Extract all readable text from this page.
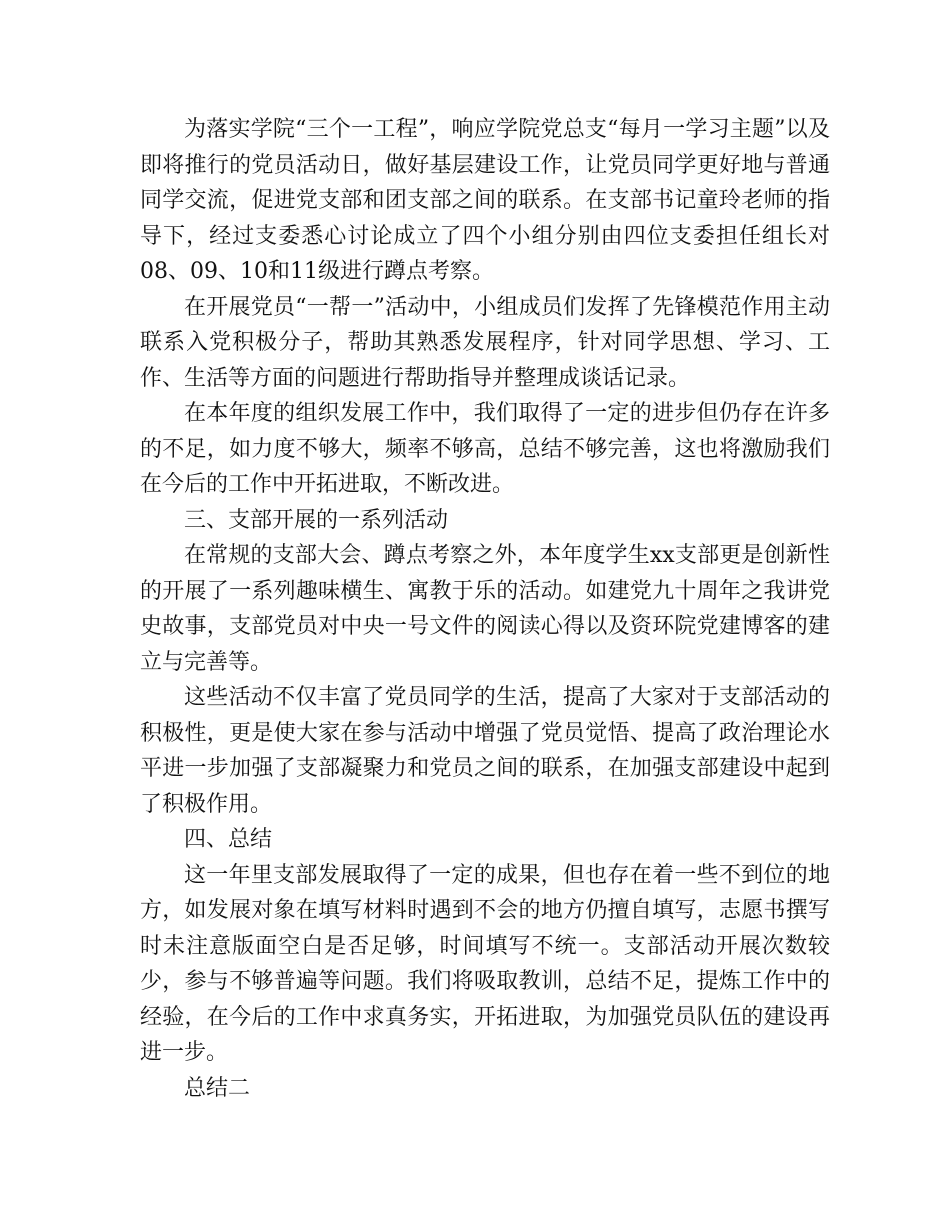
为落实学院“三个一工程”，响应学院党总支“每月一学习主题”以及即将推行的党员活动日，做好基层建设工作，让党员同学更好地与普通同学交流，促进党支部和团支部之间的联系。在支部书记童玲老师的指导下，经过支委悉心讨论成立了四个小组分别由四位支委担任组长对08、09、10和11级进行蹲点考察。

在开展党员“一帮一”活动中，小组成员们发挥了先锋模范作用主动联系入党积极分子，帮助其熟悉发展程序，针对同学思想、学习、工作、生活等方面的问题进行帮助指导并整理成谈话记录。

在本年度的组织发展工作中，我们取得了一定的进步但仍存在许多的不足，如力度不够大，频率不够高，总结不够完善，这也将激励我们在今后的工作中开拓进取，不断改进。

三、支部开展的一系列活动

在常规的支部大会、蹲点考察之外，本年度学生xx支部更是创新性的开展了一系列趣味横生、寓教于乐的活动。如建党九十周年之我讲党史故事，支部党员对中央一号文件的阅读心得以及资环院党建博客的建立与完善等。

这些活动不仅丰富了党员同学的生活，提高了大家对于支部活动的积极性，更是使大家在参与活动中增强了党员觉悟、提高了政治理论水平进一步加强了支部凝聚力和党员之间的联系，在加强支部建设中起到了积极作用。

四、总结

这一年里支部发展取得了一定的成果，但也存在着一些不到位的地方，如发展对象在填写材料时遇到不会的地方仍擅自填写，志愿书撰写时未注意版面空白是否足够，时间填写不统一。支部活动开展次数较少，参与不够普遍等问题。我们将吸取教训，总结不足，提炼工作中的经验，在今后的工作中求真务实，开拓进取，为加强党员队伍的建设再进一步。

总结二
